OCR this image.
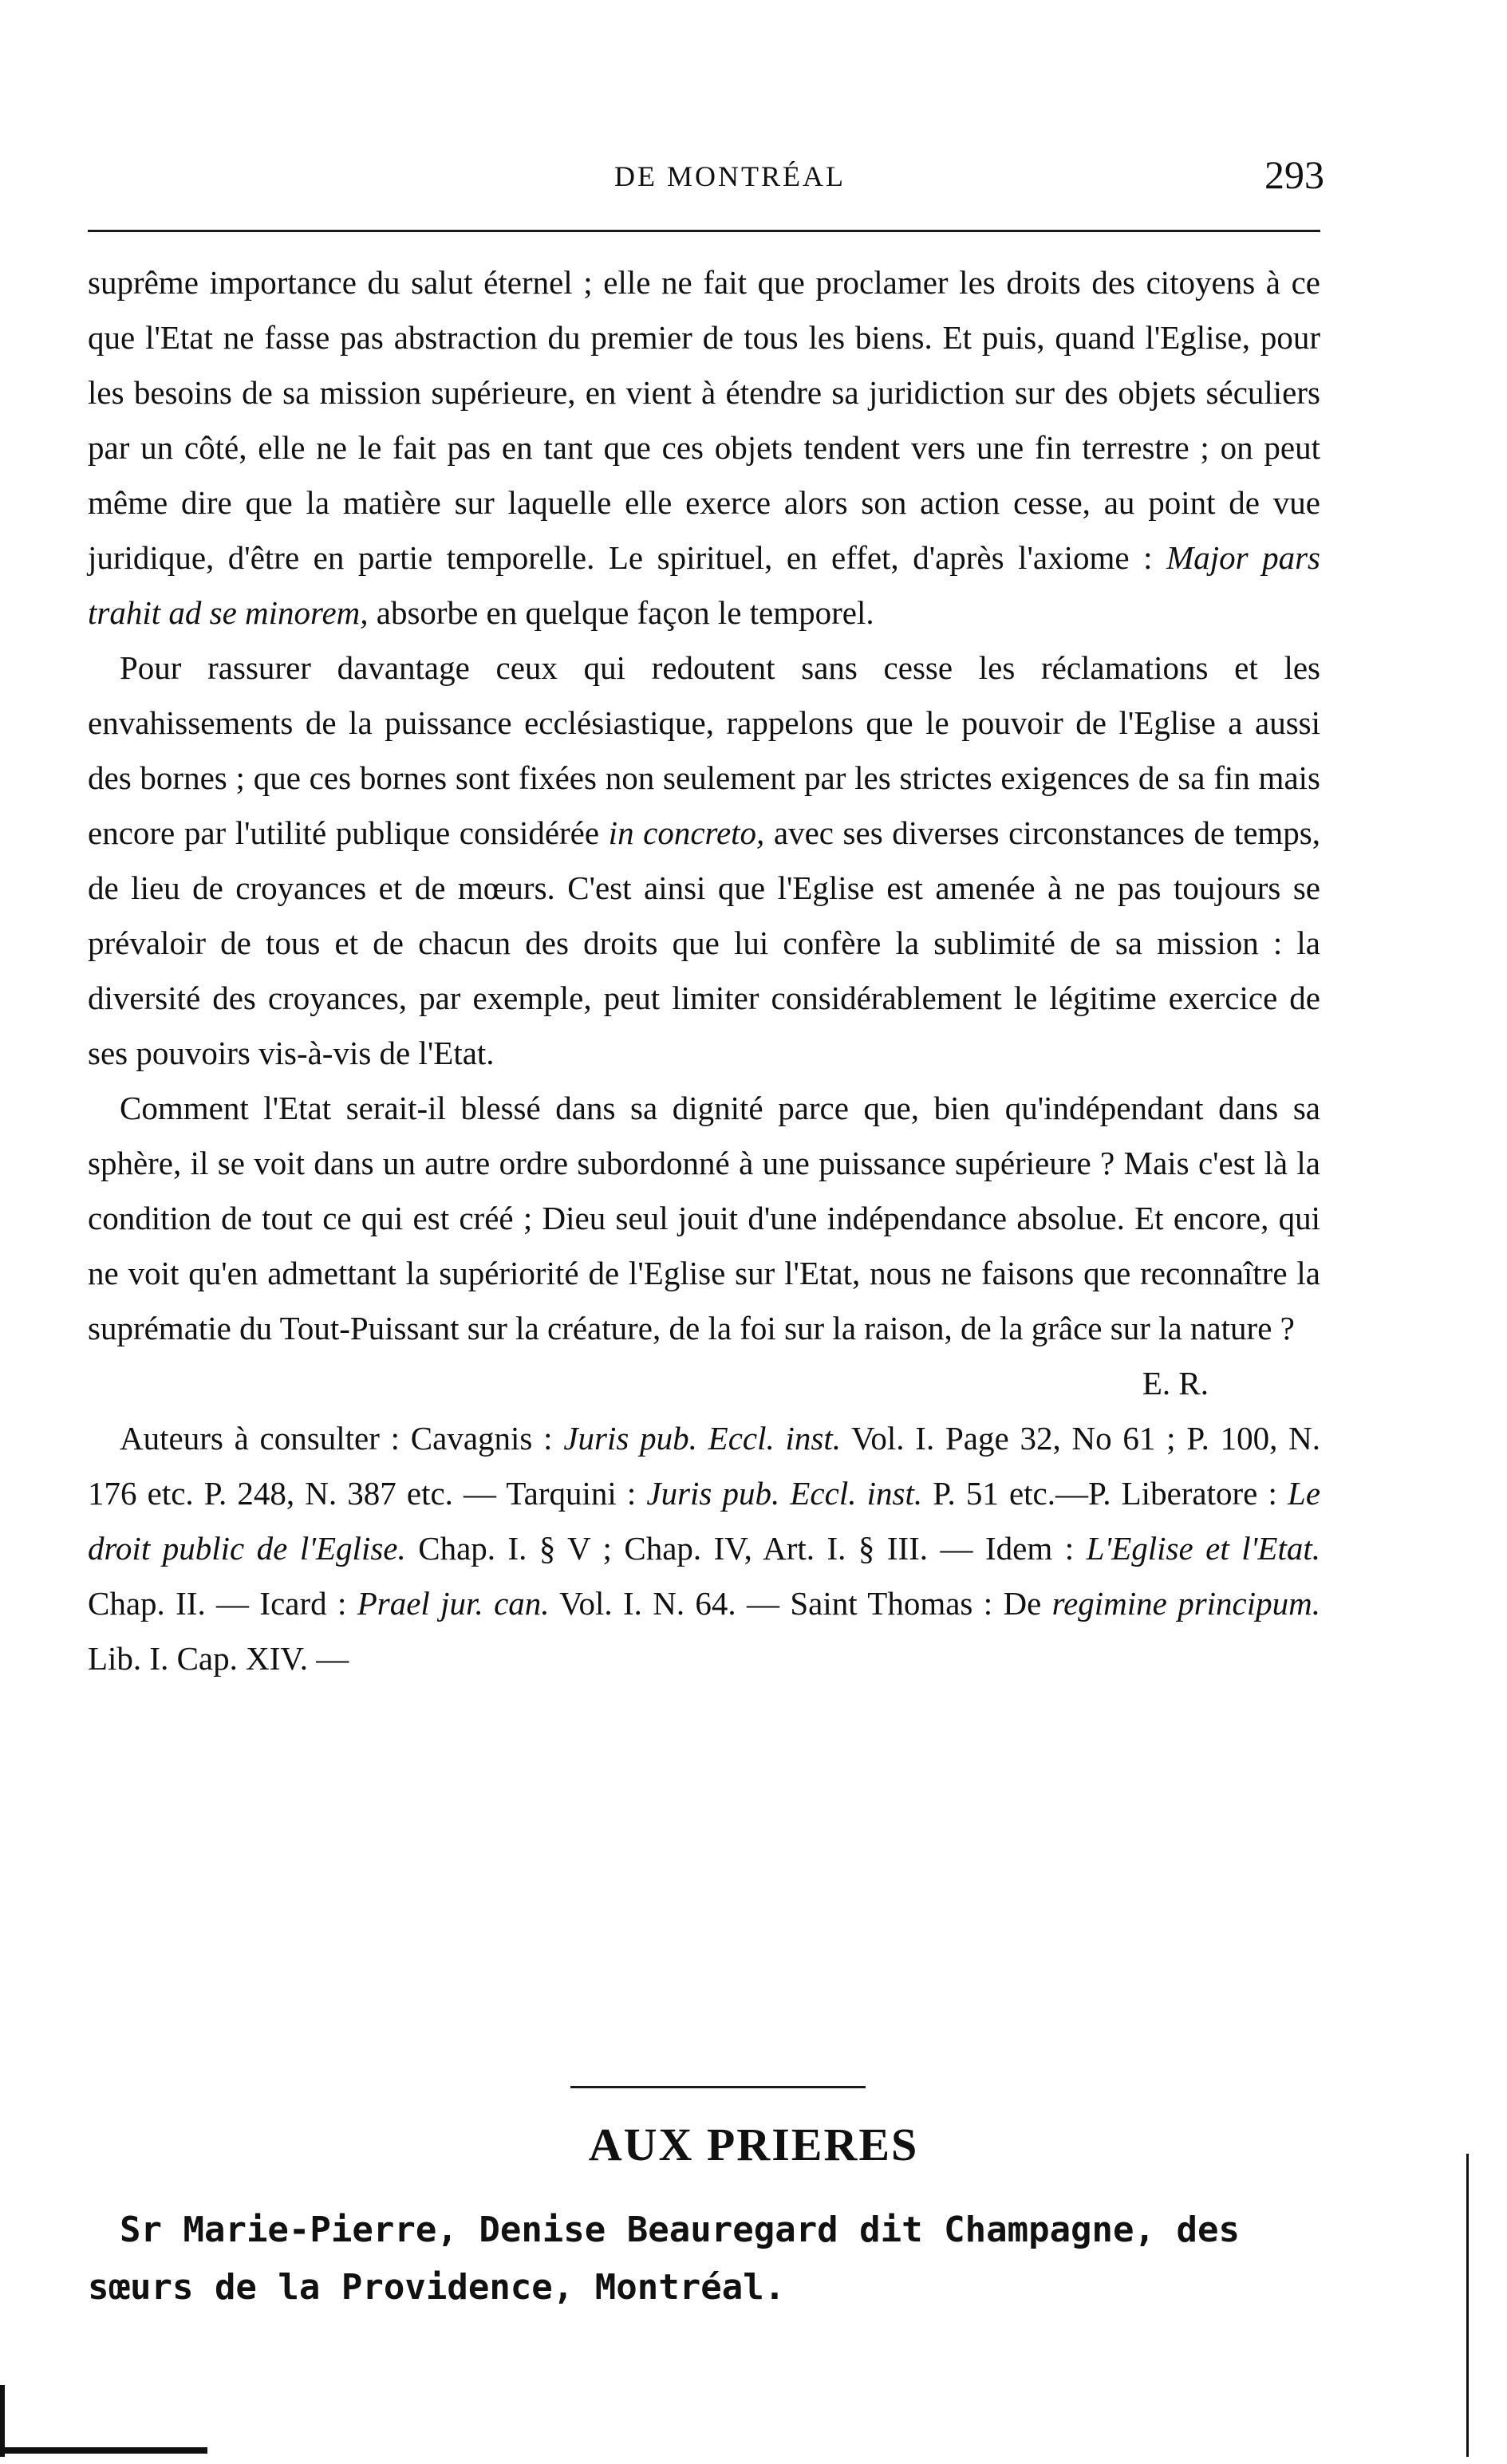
DE MONTRÉAL	293

suprême importance du salut éternel ; elle ne fait que proclamer les droits des citoyens à ce que l'Etat ne fasse pas abstraction du premier de tous les biens. Et puis, quand l'Eglise, pour les besoins de sa mission supérieure, en vient à étendre sa juridiction sur des objets séculiers par un côté, elle ne le fait pas en tant que ces objets tendent vers une fin terrestre ; on peut même dire que la matière sur laquelle elle exerce alors son action cesse, au point de vue juridique, d'être en partie temporelle. Le spirituel, en effet, d'après l'axiome : Major pars trahit ad se minorem, absorbe en quelque façon le temporel.

Pour rassurer davantage ceux qui redoutent sans cesse les réclamations et les envahissements de la puissance ecclésiastique, rappelons que le pouvoir de l'Eglise a aussi des bornes ; que ces bornes sont fixées non seulement par les strictes exigences de sa fin mais encore par l'utilité publique considérée in concreto, avec ses diverses circonstances de temps, de lieu de croyances et de mœurs. C'est ainsi que l'Eglise est amenée à ne pas toujours se prévaloir de tous et de chacun des droits que lui confère la sublimité de sa mission : la diversité des croyances, par exemple, peut limiter considérablement le légitime exercice de ses pouvoirs vis-à-vis de l'Etat.

Comment l'Etat serait-il blessé dans sa dignité parce que, bien qu'indépendant dans sa sphère, il se voit dans un autre ordre subordonné à une puissance supérieure ? Mais c'est là la condition de tout ce qui est créé ; Dieu seul jouit d'une indépendance absolue. Et encore, qui ne voit qu'en admettant la supériorité de l'Eglise sur l'Etat, nous ne faisons que reconnaître la suprématie du Tout-Puissant sur la créature, de la foi sur la raison, de la grâce sur la nature ?

E. R.

Auteurs à consulter : Cavagnis : Juris pub. Eccl. inst. Vol. I. Page 32, No 61 ; P. 100, N. 176 etc. P. 248, N. 387 etc. — Tarquini : Juris pub. Eccl. inst. P. 51 etc.—P. Liberatore : Le droit public de l'Eglise. Chap. I. § V ; Chap. IV, Art. I. § III. — Idem : L'Eglise et l'Etat. Chap. II. — Icard : Prael jur. can. Vol. I. N. 64. — Saint Thomas : De regimine principum. Lib. I. Cap. XIV. —

AUX PRIERES

Sr Marie-Pierre, Denise Beauregard dit Champagne, des sœurs de la Providence, Montréal.
